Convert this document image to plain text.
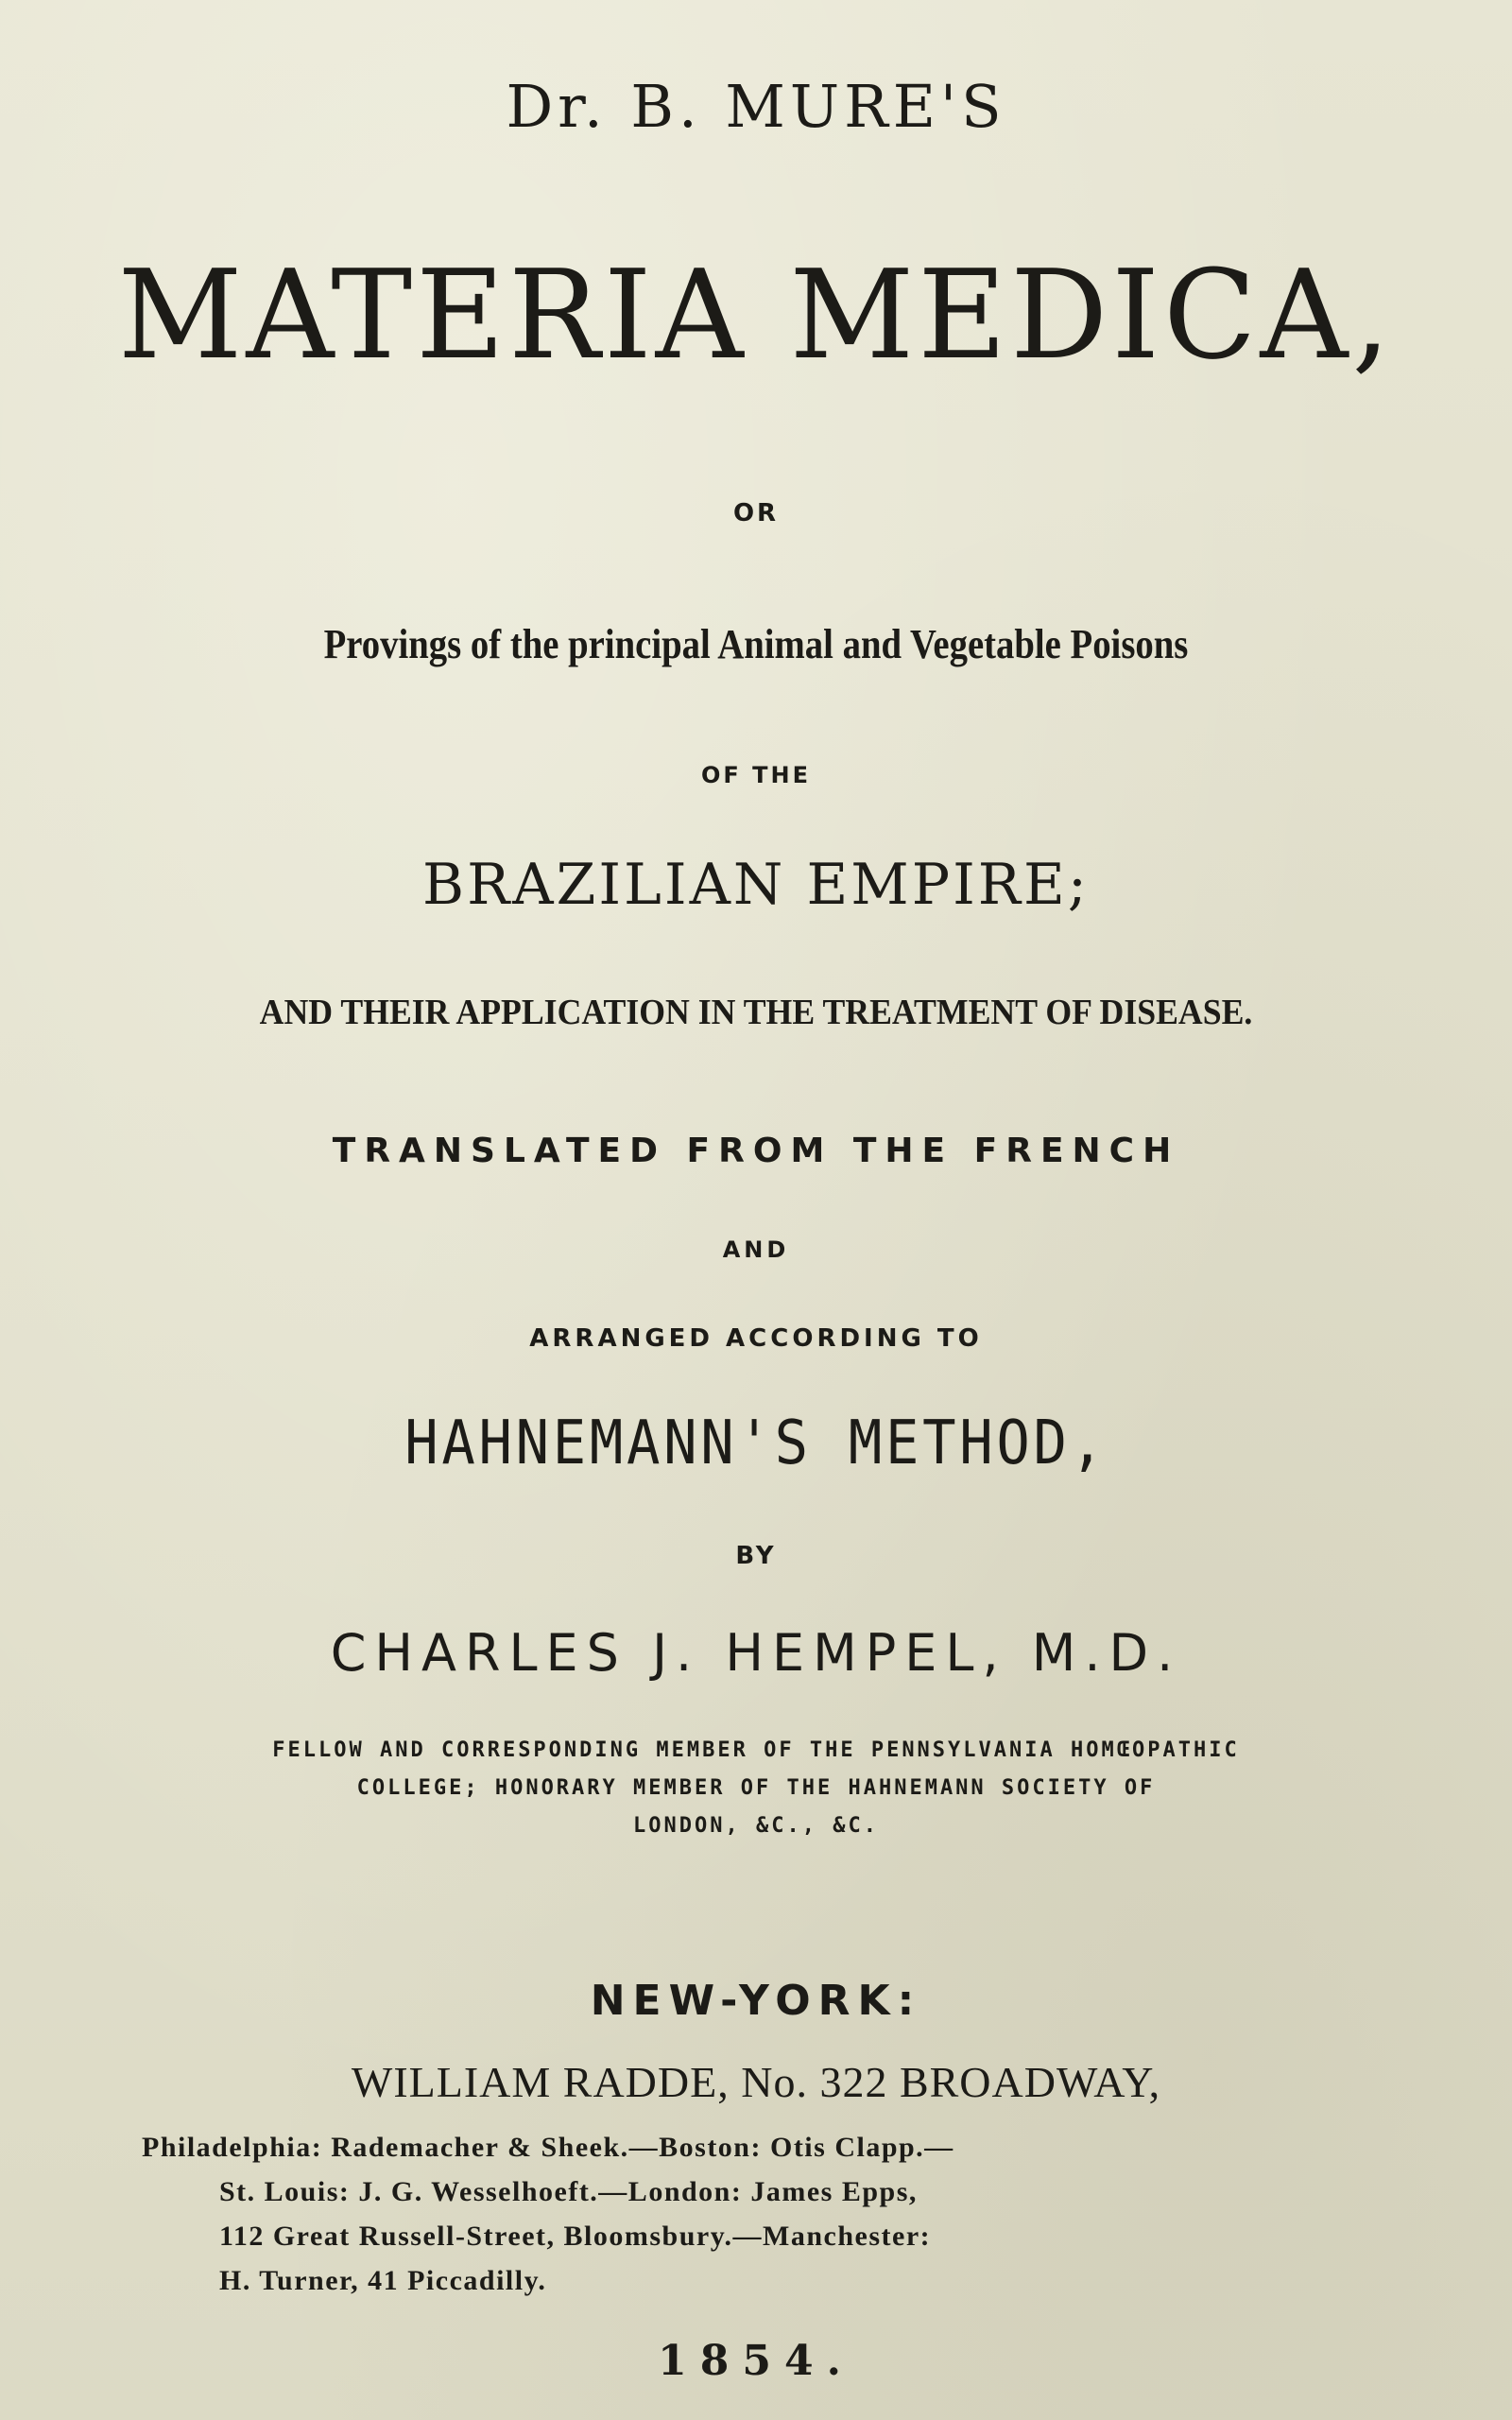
Dr. B. MURE'S
MATERIA MEDICA,
OR
Provings of the principal Animal and Vegetable Poisons
OF THE
BRAZILIAN EMPIRE;
AND THEIR APPLICATION IN THE TREATMENT OF DISEASE.
TRANSLATED FROM THE FRENCH
AND
ARRANGED ACCORDING TO
HAHNEMANN'S METHOD,
BY
CHARLES J. HEMPEL, M.D.
FELLOW AND CORRESPONDING MEMBER OF THE PENNSYLVANIA HOMŒOPATHIC
COLLEGE; HONORARY MEMBER OF THE HAHNEMANN SOCIETY OF
LONDON, &C., &C.
NEW-YORK:
WILLIAM RADDE, No. 322 BROADWAY,
Philadelphia: Rademacher & Sheek.—Boston: Otis Clapp.—
St. Louis: J. G. Wesselhoeft.—London: James Epps,
112 Great Russell-Street, Bloomsbury.—Manchester:
H. Turner, 41 Piccadilly.
1854.
